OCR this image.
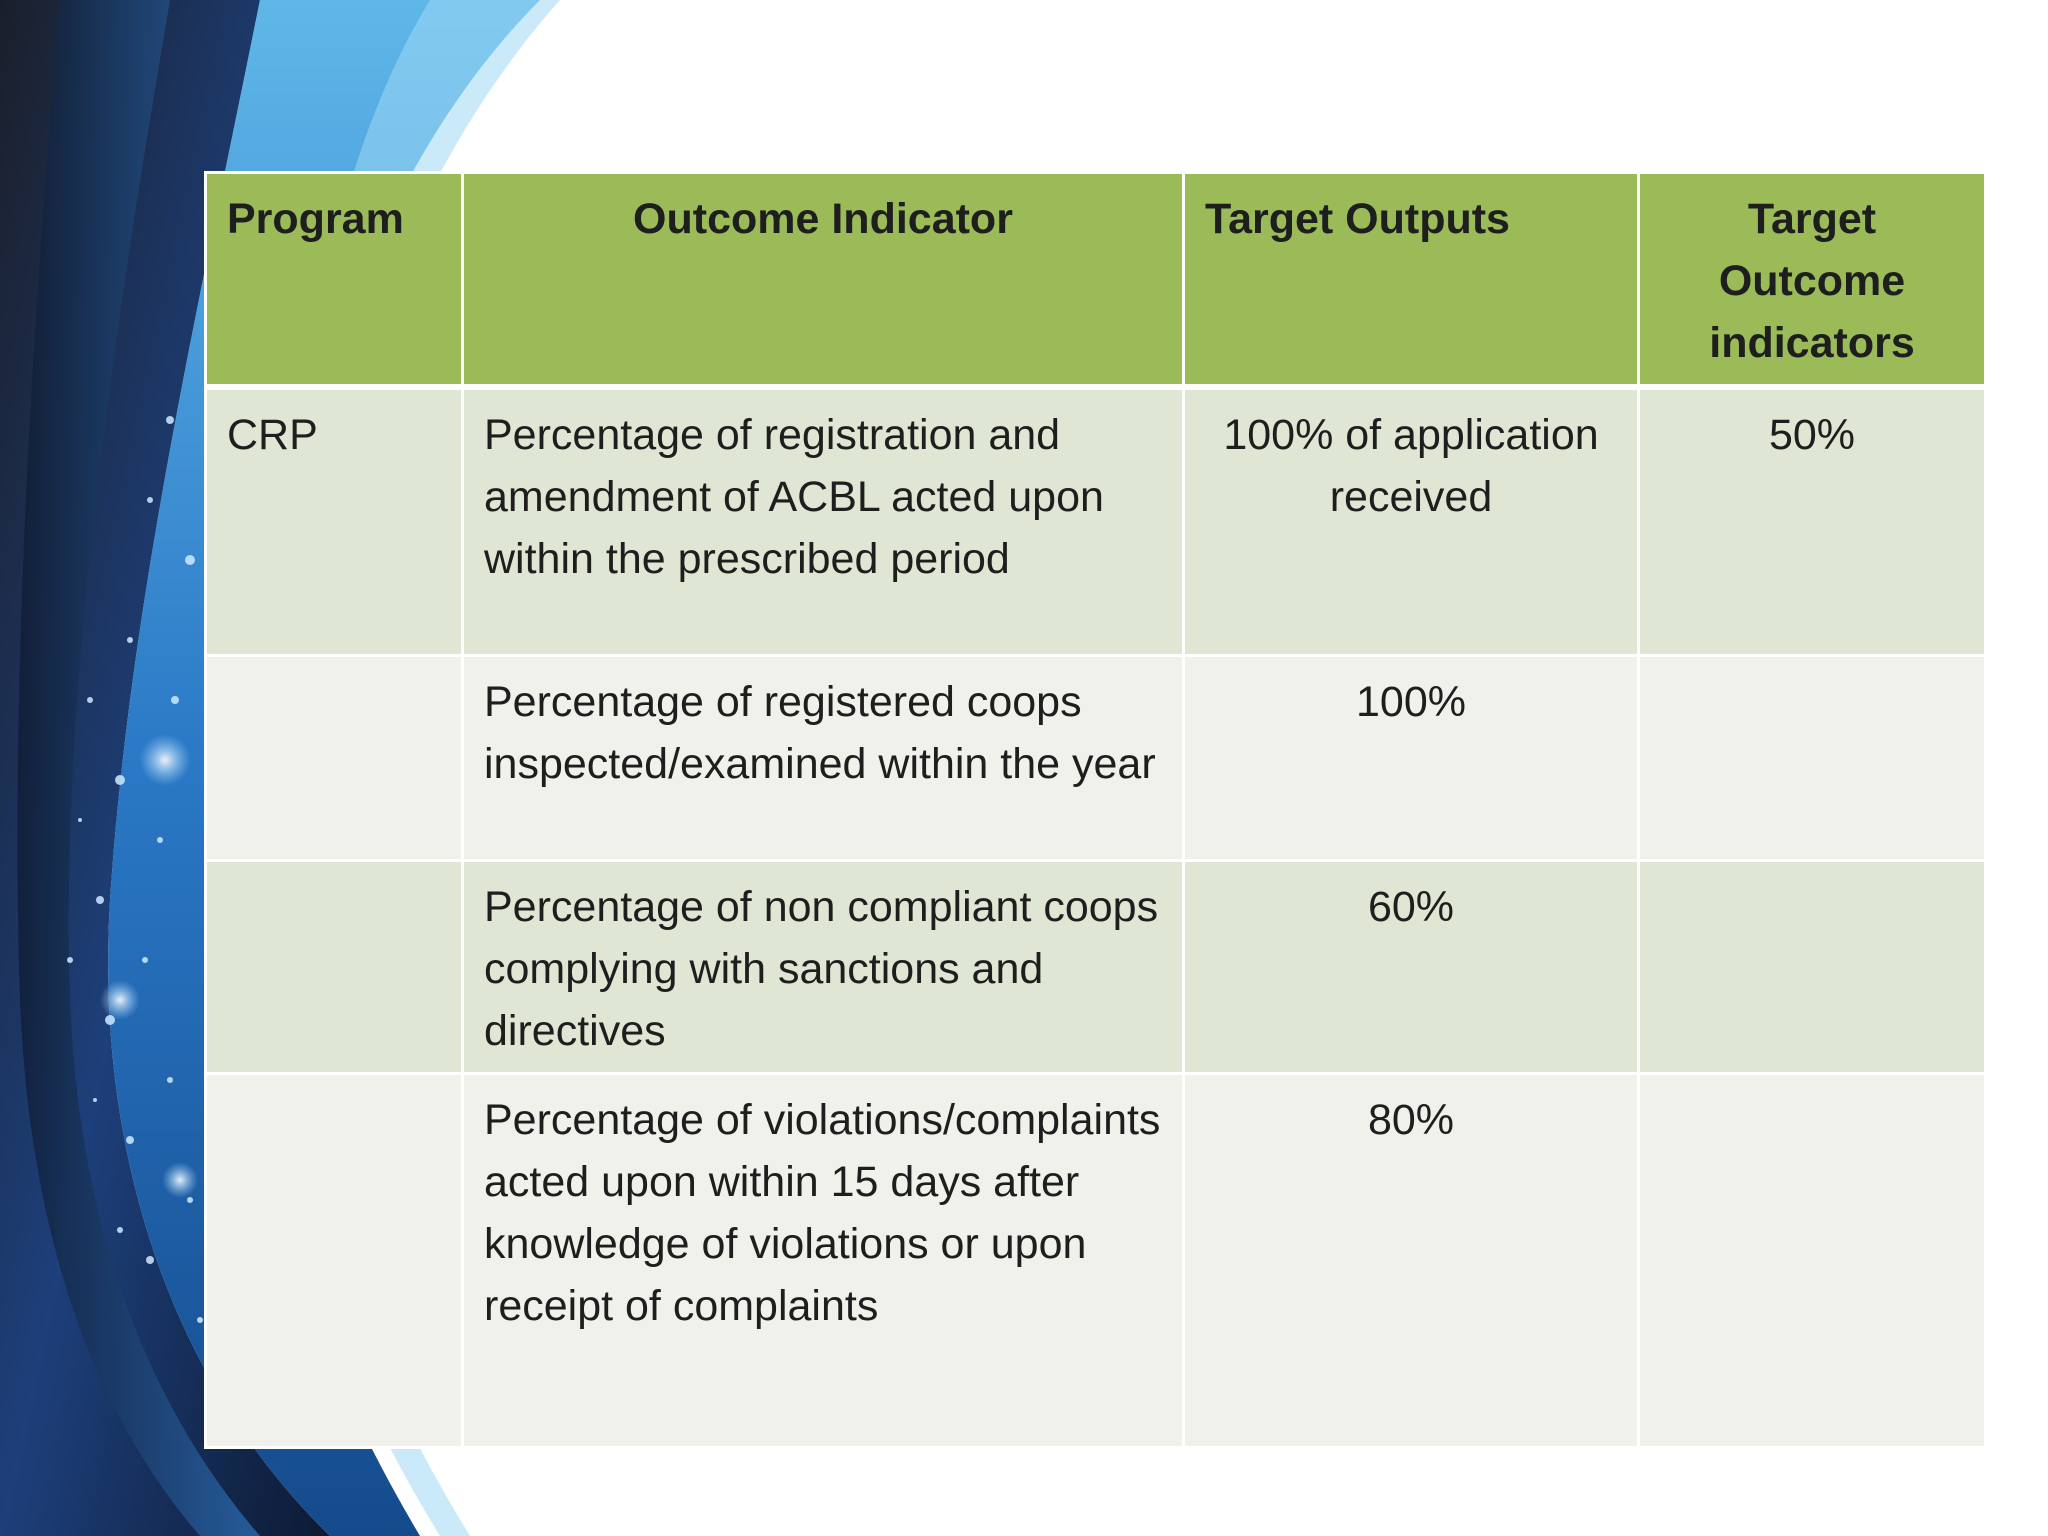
Program	Outcome Indicator	Target Outputs	Target Outcome indicators
CRP	Percentage of registration and amendment of ACBL acted upon within the prescribed period	100% of application received	50%
	Percentage of registered coops inspected/examined within the year	100%	
	Percentage of non compliant coops complying with sanctions and directives	60%	
	Percentage of violations/complaints acted upon within 15 days after knowledge of violations or upon receipt of complaints	80%	
